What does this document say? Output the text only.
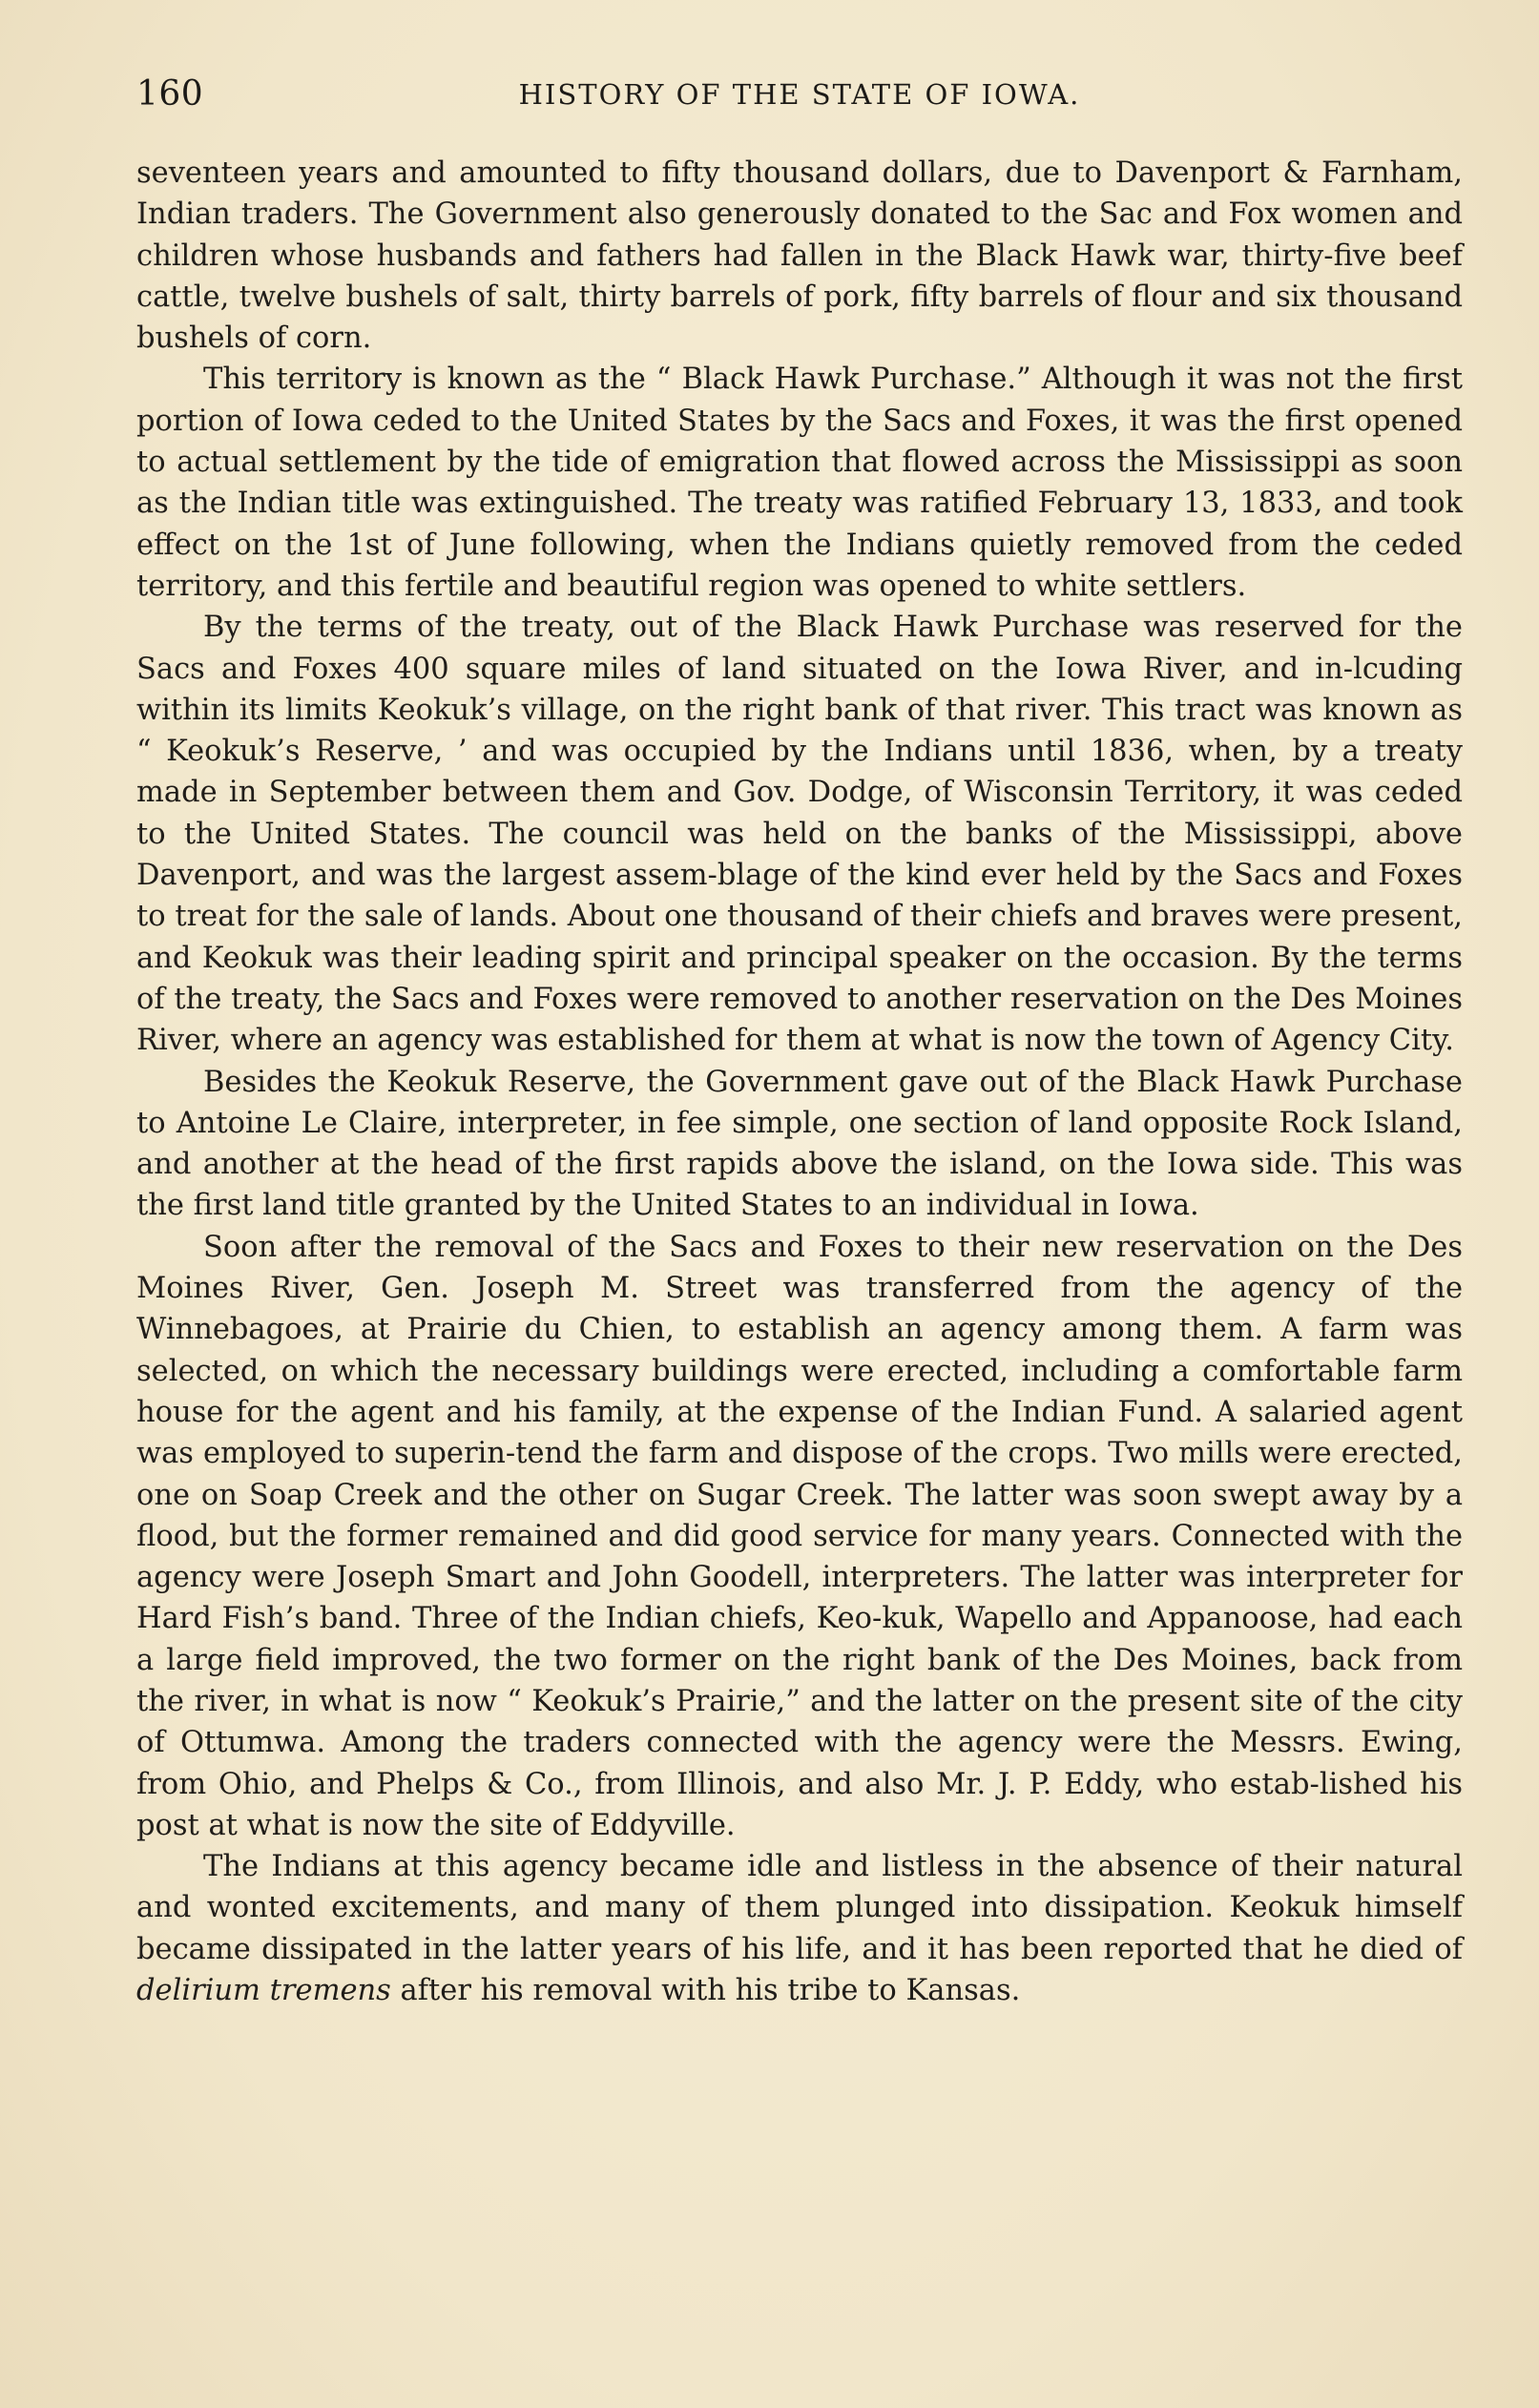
160	HISTORY OF THE STATE OF IOWA.

seventeen years and amounted to fifty thousand dollars, due to Davenport & Farnham, Indian traders. The Government also generously donated to the Sac and Fox women and children whose husbands and fathers had fallen in the Black Hawk war, thirty-five beef cattle, twelve bushels of salt, thirty barrels of pork, fifty barrels of flour and six thousand bushels of corn.

This territory is known as the “ Black Hawk Purchase.” Although it was not the first portion of Iowa ceded to the United States by the Sacs and Foxes, it was the first opened to actual settlement by the tide of emigration that flowed across the Mississippi as soon as the Indian title was extinguished. The treaty was ratified February 13, 1833, and took effect on the 1st of June following, when the Indians quietly removed from the ceded territory, and this fertile and beautiful region was opened to white settlers.

By the terms of the treaty, out of the Black Hawk Purchase was reserved for the Sacs and Foxes 400 square miles of land situated on the Iowa River, and in-lcuding within its limits Keokuk’s village, on the right bank of that river. This tract was known as “ Keokuk’s Reserve, ’ and was occupied by the Indians until 1836, when, by a treaty made in September between them and Gov. Dodge, of Wisconsin Territory, it was ceded to the United States. The council was held on the banks of the Mississippi, above Davenport, and was the largest assem-blage of the kind ever held by the Sacs and Foxes to treat for the sale of lands. About one thousand of their chiefs and braves were present, and Keokuk was their leading spirit and principal speaker on the occasion. By the terms of the treaty, the Sacs and Foxes were removed to another reservation on the Des Moines River, where an agency was established for them at what is now the town of Agency City.

Besides the Keokuk Reserve, the Government gave out of the Black Hawk Purchase to Antoine Le Claire, interpreter, in fee simple, one section of land opposite Rock Island, and another at the head of the first rapids above the island, on the Iowa side. This was the first land title granted by the United States to an individual in Iowa.

Soon after the removal of the Sacs and Foxes to their new reservation on the Des Moines River, Gen. Joseph M. Street was transferred from the agency of the Winnebagoes, at Prairie du Chien, to establish an agency among them. A farm was selected, on which the necessary buildings were erected, including a comfortable farm house for the agent and his family, at the expense of the Indian Fund. A salaried agent was employed to superin-tend the farm and dispose of the crops. Two mills were erected, one on Soap Creek and the other on Sugar Creek. The latter was soon swept away by a flood, but the former remained and did good service for many years. Connected with the agency were Joseph Smart and John Goodell, interpreters. The latter was interpreter for Hard Fish’s band. Three of the Indian chiefs, Keo-kuk, Wapello and Appanoose, had each a large field improved, the two former on the right bank of the Des Moines, back from the river, in what is now “ Keokuk’s Prairie,” and the latter on the present site of the city of Ottumwa. Among the traders connected with the agency were the Messrs. Ewing, from Ohio, and Phelps & Co., from Illinois, and also Mr. J. P. Eddy, who estab-lished his post at what is now the site of Eddyville.

The Indians at this agency became idle and listless in the absence of their natural and wonted excitements, and many of them plunged into dissipation. Keokuk himself became dissipated in the latter years of his life, and it has been reported that he died of delirium tremens after his removal with his tribe to Kansas.
